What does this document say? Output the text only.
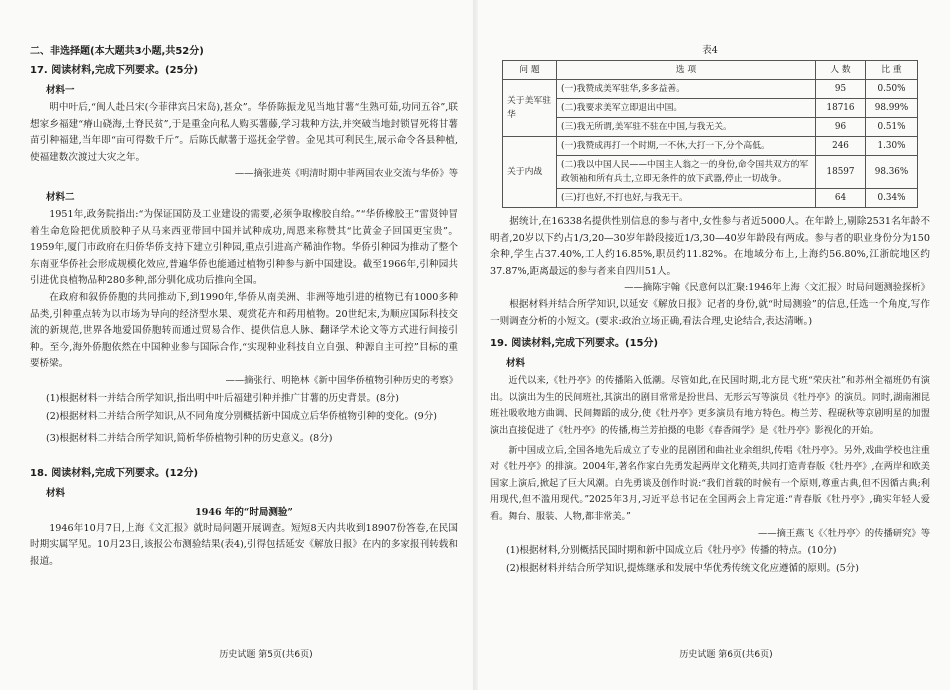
二、非选择题(本大题共3小题,共52分)
17. 阅读材料,完成下列要求。(25分)
材料一
明中叶后,“闽人赴吕宋(今菲律宾吕宋岛),甚众”。华侨陈振龙见当地甘薯“生熟可茹,功同五谷”,联想家乡福建“瘠山硗海,土脊民贫”,于是重金向私人购买薯藤,学习栽种方法,并突破当地封锁冒死将甘薯苗引种福建,当年即“亩可得数千斤”。后陈氏献薯于巡抚金学曾。金见其可利民生,展示命令各县种植,使福建数次渡过大灾之年。
——摘张进英《明清时期中菲两国农业交流与华侨》等
材料二
1951年,政务院指出:“为保证国防及工业建设的需要,必须争取橡胶自给。”“华侨橡胶王”雷贤钟冒着生命危险把优质胶种子从马来西亚带回中国并试种成功,周恩来称赞其“比黄金子回国更宝贵”。1959年,厦门市政府在归侨华侨支持下建立引种园,重点引进高产稀油作物。华侨引种园为推动了整个东南亚华侨社会形成规模化效应,普遍华侨也能通过植物引种参与新中国建设。截至1966年,引种园共引进优良植物品种280多种,部分驯化成功后推向全国。
在政府和叙侨侨胞的共同推动下,到1990年,华侨从南美洲、非洲等地引进的植物已有1000多种品类,引种重点转为以市场为导向的经济型水果、观赏花卉和药用植物。20世纪末,为顺应国际科技交流的新规范,世界各地爱国侨胞转而通过贸易合作、提供信息人脉、翻译学术论文等方式进行间接引种。至今,海外侨胞依然在中国种业参与国际合作,“实现种业科技自立自强、种源自主可控”目标的重要桥梁。
——摘张行、明艳林《新中国华侨植物引种历史的考察》
(1)根据材料一并结合所学知识,指出明中叶后福建引种并推广甘薯的历史背景。(8分)
(2)根据材料二并结合所学知识,从不同角度分别概括新中国成立后华侨植物引种的变化。(9分)
(3)根据材料二并结合所学知识,简析华侨植物引种的历史意义。(8分)
18. 阅读材料,完成下列要求。(12分)
材料
1946 年的“时局测验”
1946年10月7日,上海《文汇报》就时局问题开展调查。短短8天内共收到18907份答卷,在民国时期实属罕见。10月23日,该报公布测验结果(表4),引得包括延安《解放日报》在内的多家报刊转载和报道。
历史试题 第5页(共6页)
表4
问 题	选 项	人 数	比 重
关于美军驻华	(一)我赞成美军驻华,多多益善。	95	0.50%
	(二)我要求美军立即退出中国。	18716	98.99%
	(三)我无所谓,美军驻不驻在中国,与我无关。	96	0.51%
关于内战	(一)我赞成再打一个时期,一不休,大打一下,分个高低。	246	1.30%
	(二)我以中国人民——中国主人翁之一的身份,命令国共双方的军政领袖和所有兵士,立即无条件的放下武器,停止一切战争。	18597	98.36%
	(三)打也好,不打也好,与我无干。	64	0.34%
据统计,在16338名提供性别信息的参与者中,女性参与者近5000人。在年龄上,剔除2531名年龄不明者,20岁以下约占1/3,20—30岁年龄段接近1/3,30—40岁年龄段有两成。参与者的职业身份分为150余种,学生占37.40%,工人约16.85%,职员约11.82%。在地域分布上,上海约56.80%,江浙皖地区约37.87%,距离最远的参与者来自四川51人。
——摘陈宇翰《民意何以汇聚:1946年上海〈文汇报〉时局问题测验探析》
根据材料并结合所学知识,以延安《解放日报》记者的身份,就“时局测验”的信息,任选一个角度,写作一则调查分析的小短文。(要求:政治立场正确,看法合理,史论结合,表达清晰。)
19. 阅读材料,完成下列要求。(15分)
材料
近代以来,《牡丹亭》的传播陷入低潮。尽管如此,在民国时期,北方昆弋班“荣庆社”和苏州全福班仍有演出。以演出为生的民间班社,其演出的剧目常常是扮世昌、无形云写等演员《牡丹亭》的演员。同时,湖南湘昆班社吸收地方曲调、民间舞蹈的成分,使《牡丹亭》更多演员有地方特色。梅兰芳、程砚秋等京剧明星的加盟演出直接促进了《牡丹亭》的传播,梅兰芳拍摄的电影《春香闹学》是《牡丹亭》影视化的开始。
新中国成立后,全国各地先后成立了专业的昆剧团和曲社业余组织,传唱《牡丹亭》。另外,戏曲学校也注重对《牡丹亭》的排演。2004年,著名作家白先勇发起两岸文化精英,共同打造青春版《牡丹亭》,在两岸和欧美国家上演后,掀起了巨大风潮。白先勇谈及创作时说:“我们首载的时候有一个原则,尊重古典,但不因循古典;利用现代,但不滥用现代。”2025年3月,习近平总书记在全国两会上肯定道:“青春版《牡丹亭》,确实年轻人爱看。舞台、服装、人物,都非常美。”
——摘王燕飞《〈牡丹亭〉的传播研究》等
(1)根据材料,分别概括民国时期和新中国成立后《牡丹亭》传播的特点。(10分)
(2)根据材料并结合所学知识,提炼继承和发展中华优秀传统文化应遵循的原则。(5分)
历史试题 第6页(共6页)
